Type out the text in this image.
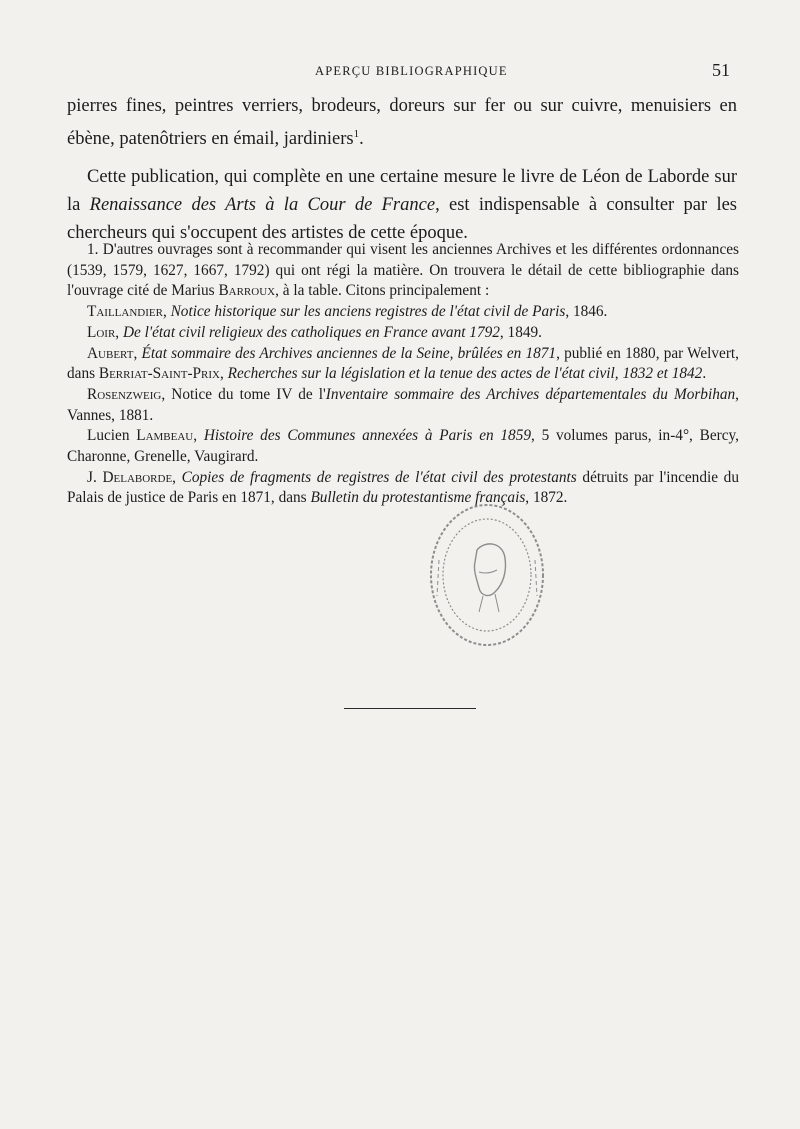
APERÇU BIBLIOGRAPHIQUE	51

pierres fines, peintres verriers, brodeurs, doreurs sur fer ou sur cuivre, menuisiers en ébène, patenôtriers en émail, jardiniers$^1$.

Cette publication, qui complète en une certaine mesure le livre de Léon de Laborde sur la Renaissance des Arts à la Cour de France, est indispensable à consulter par les chercheurs qui s'occupent des artistes de cette époque.

1. D'autres ouvrages sont à recommander qui visent les anciennes Archives et les différentes ordonnances (1539, 1579, 1627, 1667, 1792) qui ont régi la matière. On trouvera le détail de cette bibliographie dans l'ouvrage cité de Marius Barroux, à la table. Citons principalement :

Taillandier, Notice historique sur les anciens registres de l'état civil de Paris, 1846.

Loir, De l'état civil religieux des catholiques en France avant 1792, 1849.

Aubert, État sommaire des Archives anciennes de la Seine, brûlées en 1871, publié en 1880, par Welvert, dans Berriat-Saint-Prix, Recherches sur la législation et la tenue des actes de l'état civil, 1832 et 1842.

Rosenzweig, Notice du tome IV de l'Inventaire sommaire des Archives départementales du Morbihan, Vannes, 1881.

Lucien Lambeau, Histoire des Communes annexées à Paris en 1859, 5 volumes parus, in-4°, Bercy, Charonne, Grenelle, Vaugirard.

J. Delaborde, Copies de fragments de registres de l'état civil des protestants détruits par l'incendie du Palais de justice de Paris en 1871, dans Bulletin du protestantisme français, 1872.
